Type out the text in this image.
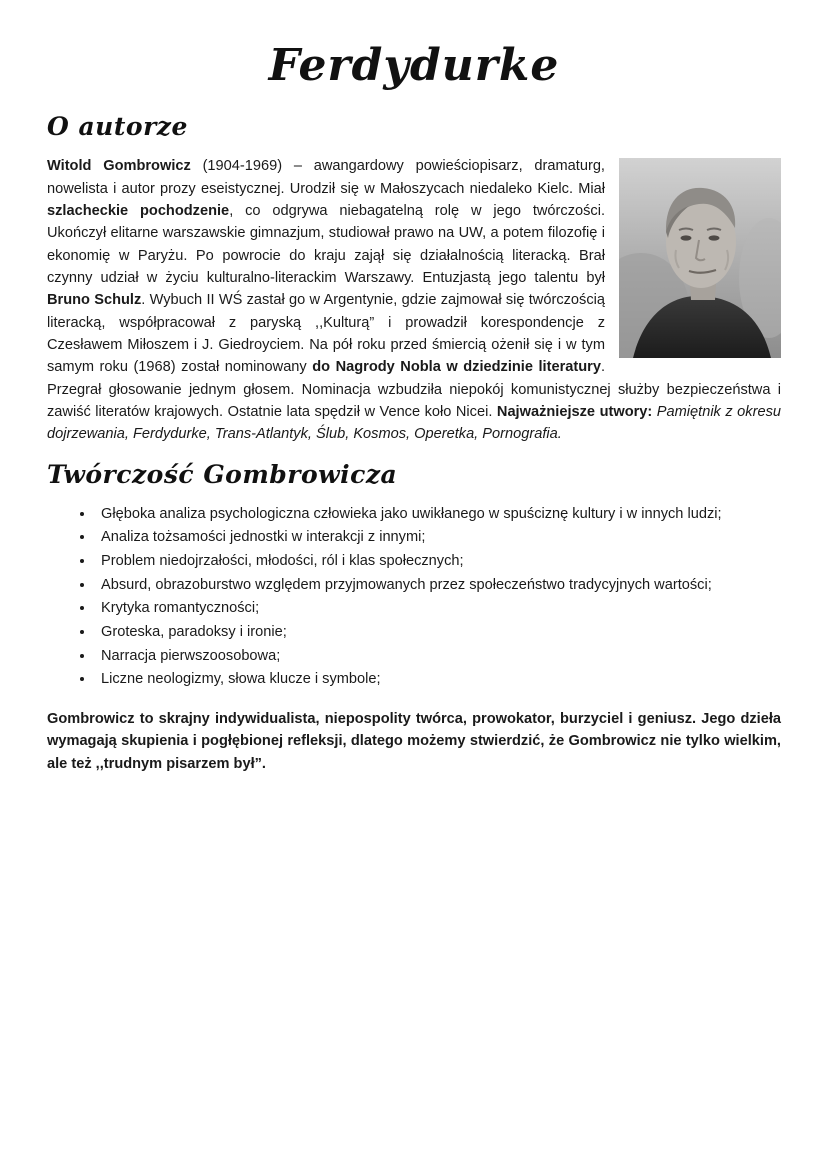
Ferdydurke
O autorze

Witold Gombrowicz (1904-1969) – awangardowy powieściopisarz, dramaturg, nowelista i autor prozy eseistycznej. Urodził się w Małoszycach niedaleko Kielc. Miał szlacheckie pochodzenie, co odgrywa niebagatelną rolę w jego twórczości. Ukończył elitarne warszawskie gimnazjum, studiował prawo na UW, a potem filozofię i ekonomię w Paryżu. Po powrocie do kraju zajął się działalnością literacką. Brał czynny udział w życiu kulturalno-literackim Warszawy. Entuzjastą jego talentu był Bruno Schulz. Wybuch II WŚ zastał go w Argentynie, gdzie zajmował się twórczością literacką, współpracował z paryską ,,Kulturą” i prowadził korespondencje z Czesławem Miłoszem i J. Giedroyciem. Na pół roku przed śmiercią ożenił się i w tym samym roku (1968) został nominowany do Nagrody Nobla w dziedzinie literatury. Przegrał głosowanie jednym głosem. Nominacja wzbudziła niepokój komunistycznej służby bezpieczeństwa i zawiść literatów krajowych. Ostatnie lata spędził w Vence koło Nicei. Najważniejsze utwory: Pamiętnik z okresu dojrzewania, Ferdydurke, Trans-Atlantyk, Ślub, Kosmos, Operetka, Pornografia.

Twórczość Gombrowicza
• Głęboka analiza psychologiczna człowieka jako uwikłanego w spuściznę kultury i w innych ludzi;
• Analiza tożsamości jednostki w interakcji z innymi;
• Problem niedojrzałości, młodości, ról i klas społecznych;
• Absurd, obrazoburstwo względem przyjmowanych przez społeczeństwo tradycyjnych wartości;
• Krytyka romantyczności;
• Groteska, paradoksy i ironie;
• Narracja pierwszoosobowa;
• Liczne neologizmy, słowa klucze i symbole;

Gombrowicz to skrajny indywidualista, niepospolity twórca, prowokator, burzyciel i geniusz. Jego dzieła wymagają skupienia i pogłębionej refleksji, dlatego możemy stwierdzić, że Gombrowicz nie tylko wielkim, ale też ,,trudnym pisarzem był”.
